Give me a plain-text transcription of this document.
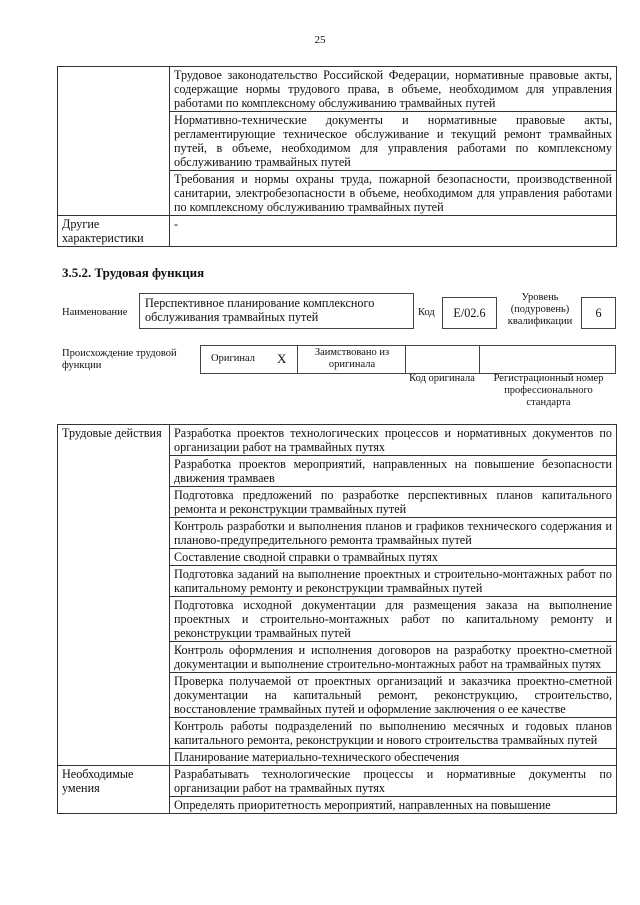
25
	Трудовое законодательство Российской Федерации, нормативные правовые акты, содержащие нормы трудового права, в объеме, необходимом для управления работами по комплексному обслуживанию трамвайных путей
	Нормативно-технические документы и нормативные правовые акты, регламентирующие техническое обслуживание и текущий ремонт трамвайных путей, в объеме, необходимом для управления работами по комплексному обслуживанию трамвайных путей
	Требования и нормы охраны труда, пожарной безопасности, производственной санитарии, электробезопасности в объеме, необходимом для управления работами по комплексному обслуживанию трамвайных путей
Другие характеристики	-
3.5.2. Трудовая функция
Наименование
Перспективное планирование комплексного обслуживания трамвайных путей	Код	E/02.6
Уровень (подуровень) квалификации
6
Происхождение трудовой функции
Оригинал X	Заимствовано из оригинала
Код оригинала	Регистрационный номер профессионального стандарта
Трудовые действия	Разработка проектов технологических процессов и нормативных документов по организации работ на трамвайных путях
	Разработка проектов мероприятий, направленных на повышение безопасности движения трамваев
	Подготовка предложений по разработке перспективных планов капитального ремонта и реконструкции трамвайных путей
	Контроль разработки и выполнения планов и графиков технического содержания и планово-предупредительного ремонта трамвайных путей
	Составление сводной справки о трамвайных путях
	Подготовка заданий на выполнение проектных и строительно-монтажных работ по капитальному ремонту и реконструкции трамвайных путей
	Подготовка исходной документации для размещения заказа на выполнение проектных и строительно-монтажных работ по капитальному ремонту и реконструкции трамвайных путей
	Контроль оформления и исполнения договоров на разработку проектно-сметной документации и выполнение строительно-монтажных работ на трамвайных путях
	Проверка получаемой от проектных организаций и заказчика проектно-сметной документации на капитальный ремонт, реконструкцию, строительство, восстановление трамвайных путей и оформление заключения о ее качестве
	Контроль работы подразделений по выполнению месячных и годовых планов капитального ремонта, реконструкции и нового строительства трамвайных путей
	Планирование материально-технического обеспечения
Необходимые умения	Разрабатывать технологические процессы и нормативные документы по организации работ на трамвайных путях
	Определять приоритетность мероприятий, направленных на повышение
